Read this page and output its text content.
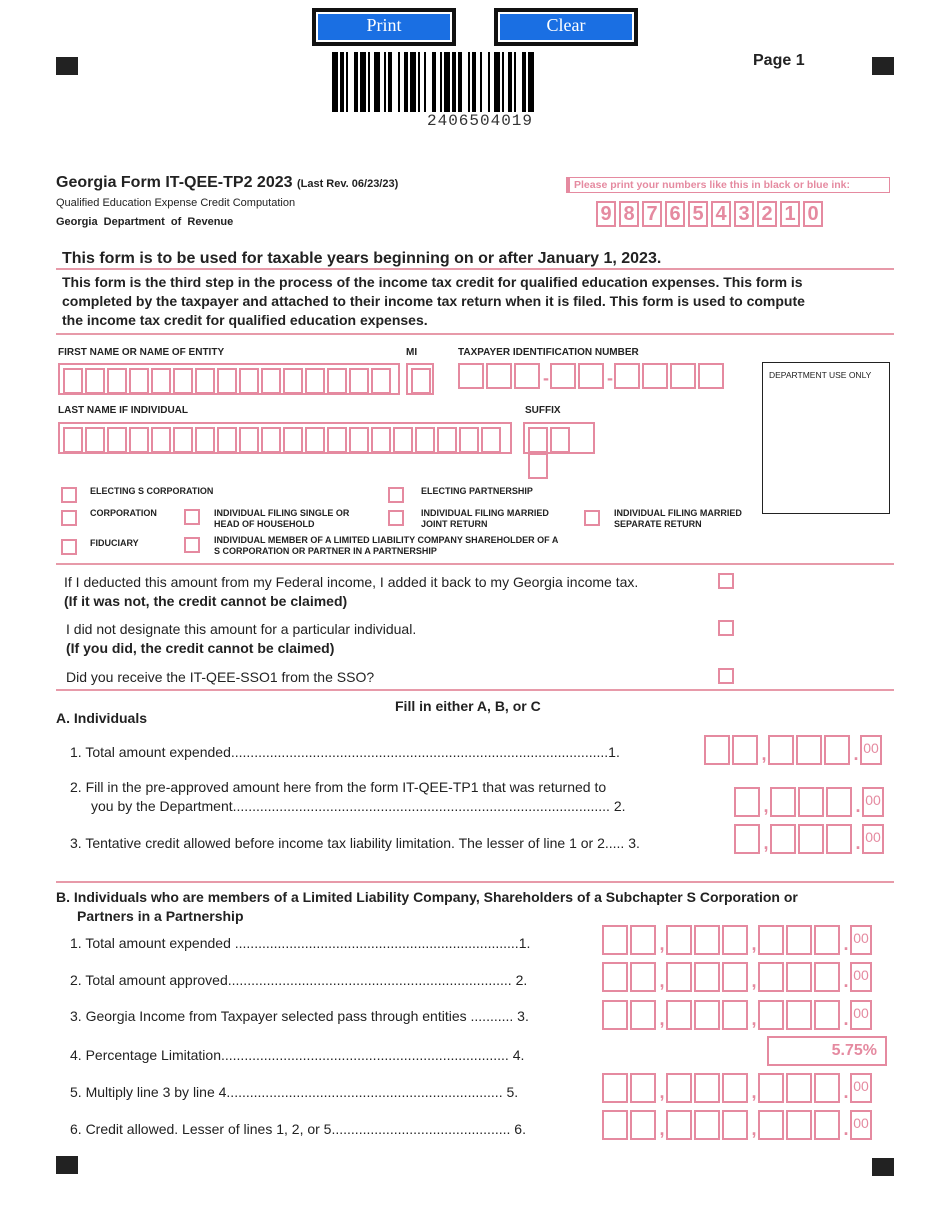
Print	Clear
2406504019
Page 1
Georgia Form IT-QEE-TP2 2023 (Last Rev. 06/23/23)
Qualified Education Expense Credit Computation
Georgia  Department  of  Revenue
Please print your numbers like this in black or blue ink:
9 8 7 6 5 4 3 2 1 0
This form is to be used for taxable years beginning on or after January 1, 2023.
This form is the third step in the process of the income tax credit for qualified education expenses. This form is
completed by the taxpayer and attached to their income tax return when it is filed. This form is used to compute
the income tax credit for qualified education expenses.
FIRST NAME OR NAME OF ENTITY	MI	TAXPAYER IDENTIFICATION NUMBER
-	-	DEPARTMENT USE ONLY
LAST NAME IF INDIVIDUAL	SUFFIX
ELECTING S CORPORATION	ELECTING PARTNERSHIP
CORPORATION	INDIVIDUAL FILING SINGLE OR
HEAD OF HOUSEHOLD
INDIVIDUAL FILING MARRIED
JOINT RETURN
INDIVIDUAL FILING MARRIED
SEPARATE RETURN
FIDUCIARY	INDIVIDUAL MEMBER OF A LIMITED LIABILITY COMPANY SHAREHOLDER OF A
S CORPORATION OR PARTNER IN A PARTNERSHIP
If I deducted this amount from my Federal income, I added it back to my Georgia income tax.
(If it was not, the credit cannot be claimed)
I did not designate this amount for a particular individual.
(If you did, the credit cannot be claimed)
Did you receive the IT-QEE-SSO1 from the SSO?
Fill in either A, B, or C
A. Individuals
1. Total amount expended.................................................................................................1.	,	. 00
2. Fill in the pre-approved amount here from the form IT-QEE-TP1 that was returned to
you by the Department................................................................................................. 2.	,	. 00
3. Tentative credit allowed before income tax liability limitation. The lesser of line 1 or 2..... 3.	,	. 00
B. Individuals who are members of a Limited Liability Company, Shareholders of a Subchapter S Corporation or
Partners in a Partnership
1. Total amount expended .........................................................................1.	,	,	. 00
2. Total amount approved......................................................................... 2.	,	,	. 00
3. Georgia Income from Taxpayer selected pass through entities ........... 3.	,	,	. 00
4. Percentage Limitation.......................................................................... 4.	5.75%
5. Multiply line 3 by line 4....................................................................... 5.	,	,	. 00
6. Credit allowed. Lesser of lines 1, 2, or 5.............................................. 6.	,	,	. 00
